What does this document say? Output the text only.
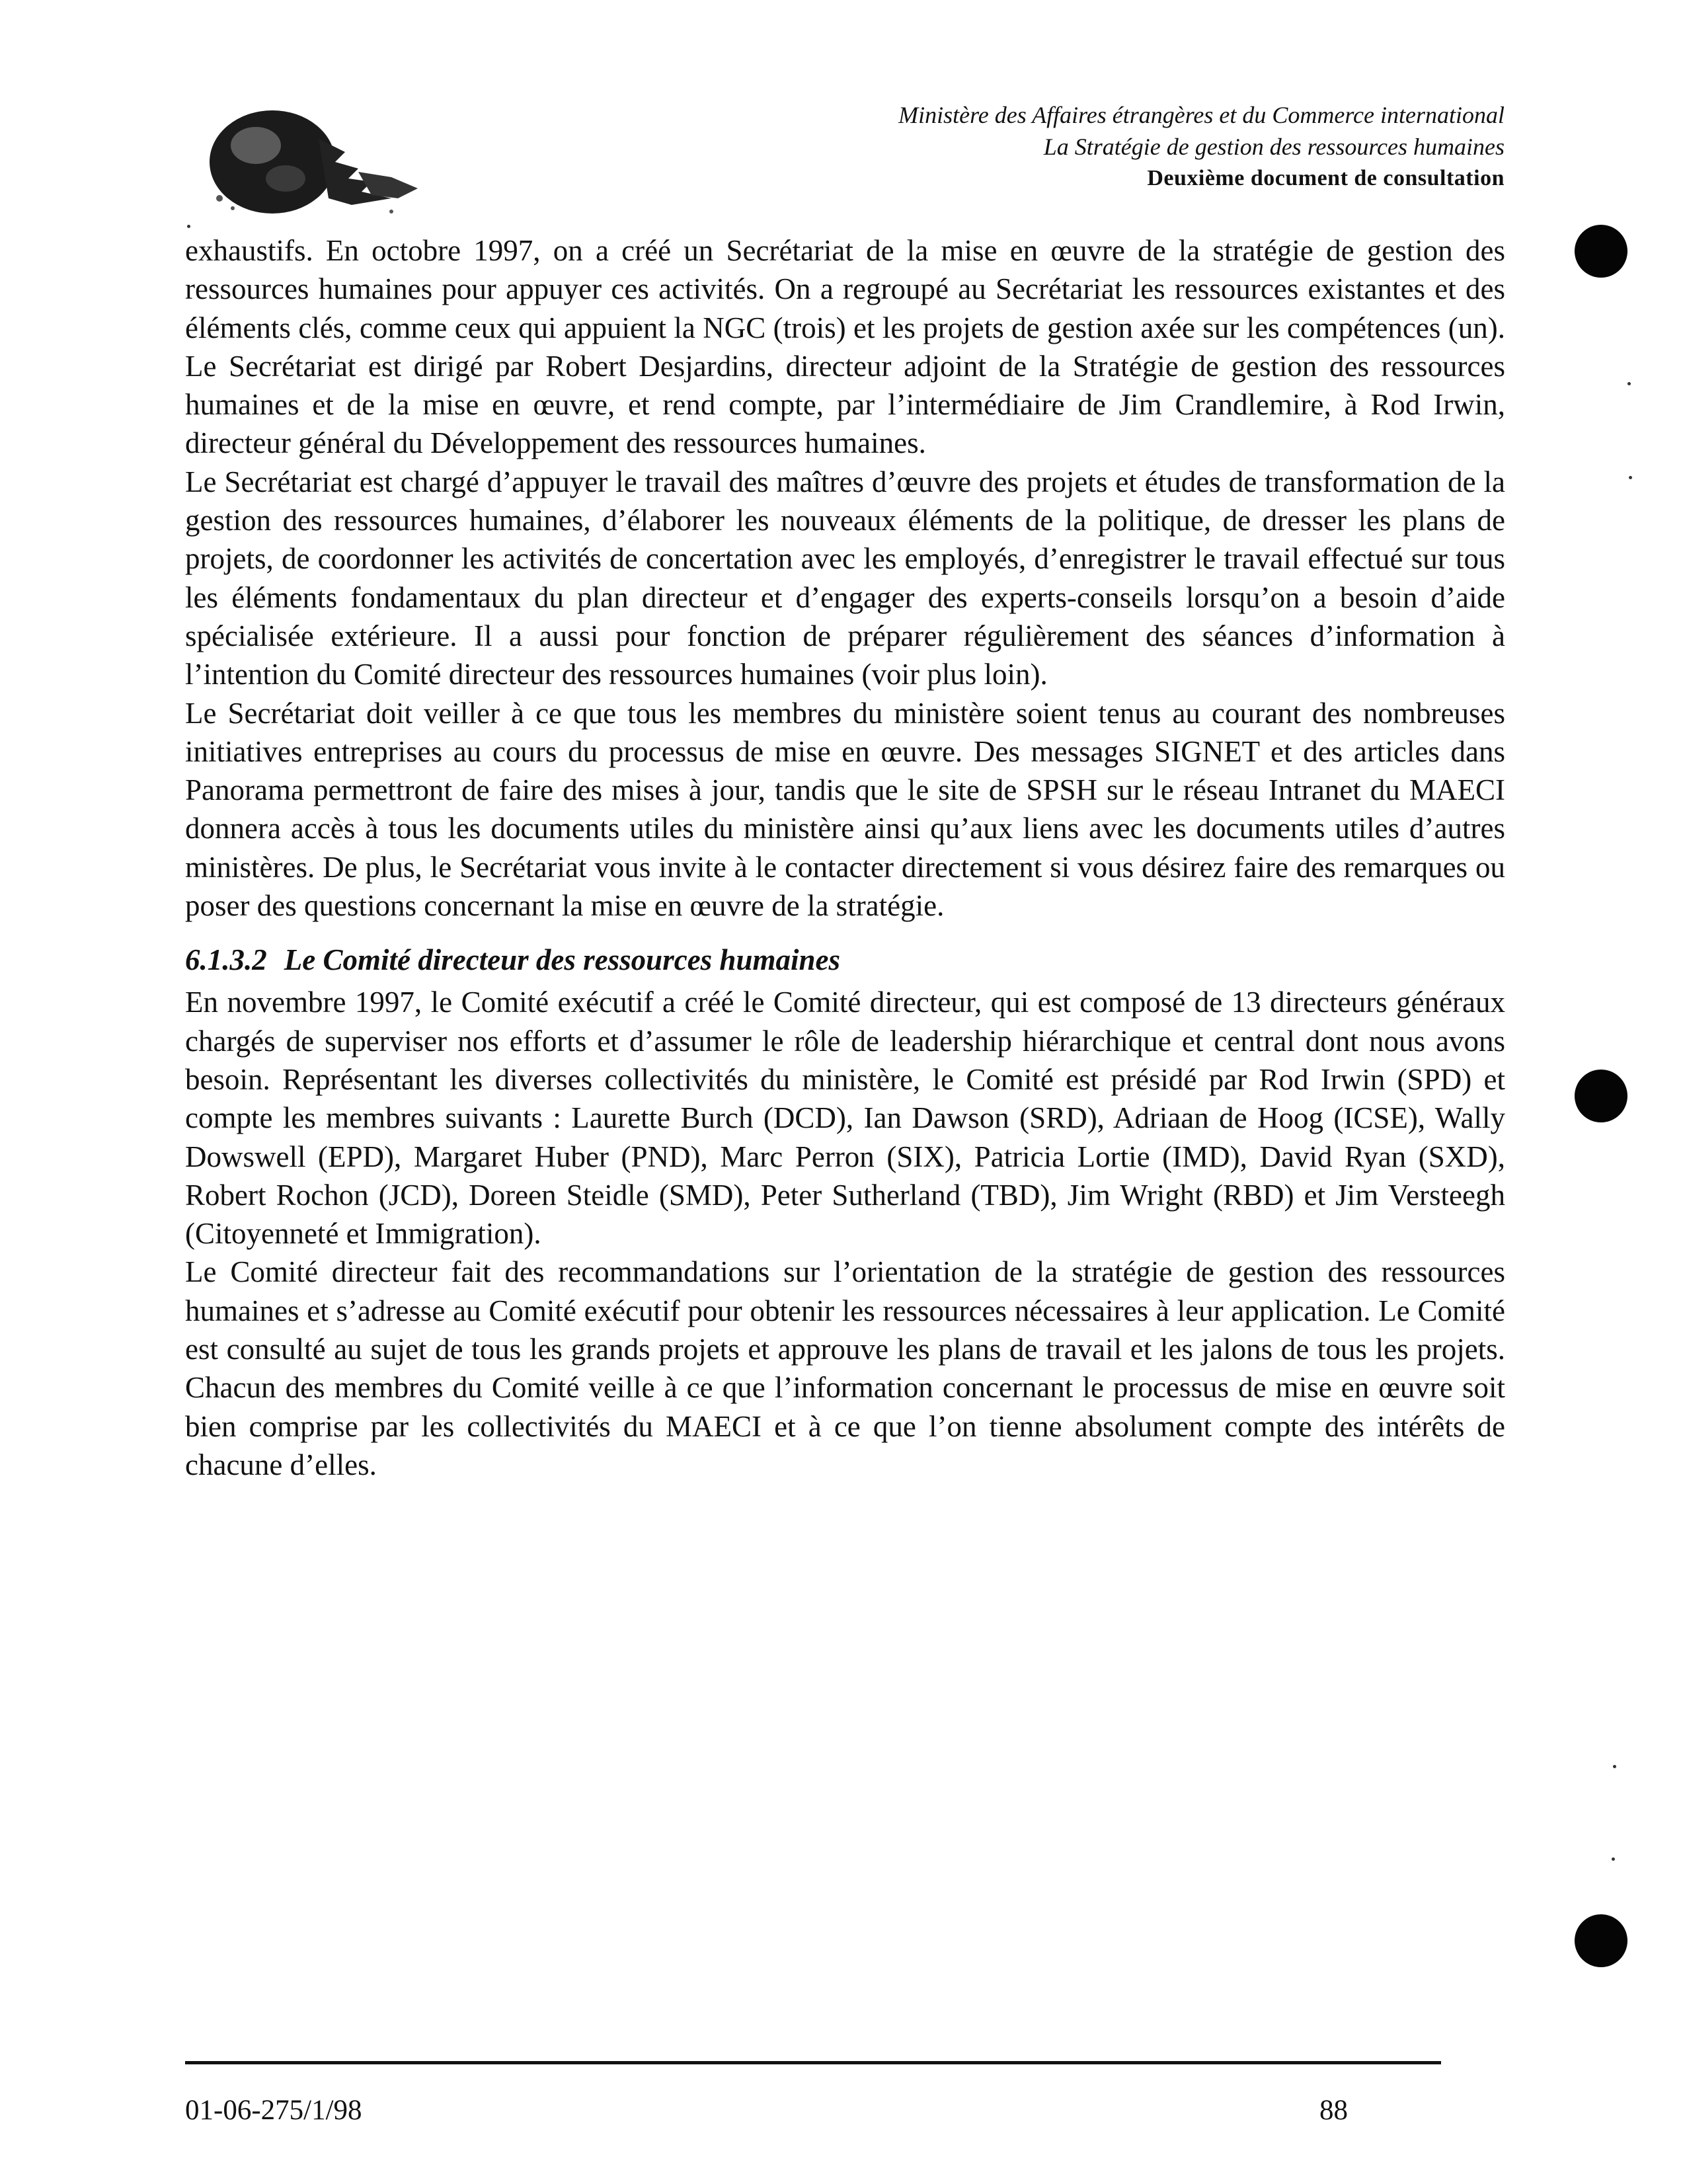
Ministère des Affaires étrangères et du Commerce international
La Stratégie de gestion des ressources humaines
Deuxième document de consultation

exhaustifs. En octobre 1997, on a créé un Secrétariat de la mise en œuvre de la stratégie de gestion des ressources humaines pour appuyer ces activités. On a regroupé au Secrétariat les ressources existantes et des éléments clés, comme ceux qui appuient la NGC (trois) et les projets de gestion axée sur les compétences (un). Le Secrétariat est dirigé par Robert Desjardins, directeur adjoint de la Stratégie de gestion des ressources humaines et de la mise en œuvre, et rend compte, par l’intermédiaire de Jim Crandlemire, à Rod Irwin, directeur général du Développement des ressources humaines.

Le Secrétariat est chargé d’appuyer le travail des maîtres d’œuvre des projets et études de transformation de la gestion des ressources humaines, d’élaborer les nouveaux éléments de la politique, de dresser les plans de projets, de coordonner les activités de concertation avec les employés, d’enregistrer le travail effectué sur tous les éléments fondamentaux du plan directeur et d’engager des experts-conseils lorsqu’on a besoin d’aide spécialisée extérieure. Il a aussi pour fonction de préparer régulièrement des séances d’information à l’intention du Comité directeur des ressources humaines (voir plus loin).

Le Secrétariat doit veiller à ce que tous les membres du ministère soient tenus au courant des nombreuses initiatives entreprises au cours du processus de mise en œuvre. Des messages SIGNET et des articles dans Panorama permettront de faire des mises à jour, tandis que le site de SPSH sur le réseau Intranet du MAECI donnera accès à tous les documents utiles du ministère ainsi qu’aux liens avec les documents utiles d’autres ministères. De plus, le Secrétariat vous invite à le contacter directement si vous désirez faire des remarques ou poser des questions concernant la mise en œuvre de la stratégie.

6.1.3.2 Le Comité directeur des ressources humaines

En novembre 1997, le Comité exécutif a créé le Comité directeur, qui est composé de 13 directeurs généraux chargés de superviser nos efforts et d’assumer le rôle de leadership hiérarchique et central dont nous avons besoin. Représentant les diverses collectivités du ministère, le Comité est présidé par Rod Irwin (SPD) et compte les membres suivants : Laurette Burch (DCD), Ian Dawson (SRD), Adriaan de Hoog (ICSE), Wally Dowswell (EPD), Margaret Huber (PND), Marc Perron (SIX), Patricia Lortie (IMD), David Ryan (SXD), Robert Rochon (JCD), Doreen Steidle (SMD), Peter Sutherland (TBD), Jim Wright (RBD) et Jim Versteegh (Citoyenneté et Immigration).

Le Comité directeur fait des recommandations sur l’orientation de la stratégie de gestion des ressources humaines et s’adresse au Comité exécutif pour obtenir les ressources nécessaires à leur application. Le Comité est consulté au sujet de tous les grands projets et approuve les plans de travail et les jalons de tous les projets. Chacun des membres du Comité veille à ce que l’information concernant le processus de mise en œuvre soit bien comprise par les collectivités du MAECI et à ce que l’on tienne absolument compte des intérêts de chacune d’elles.

01-06-275/1/98	88
